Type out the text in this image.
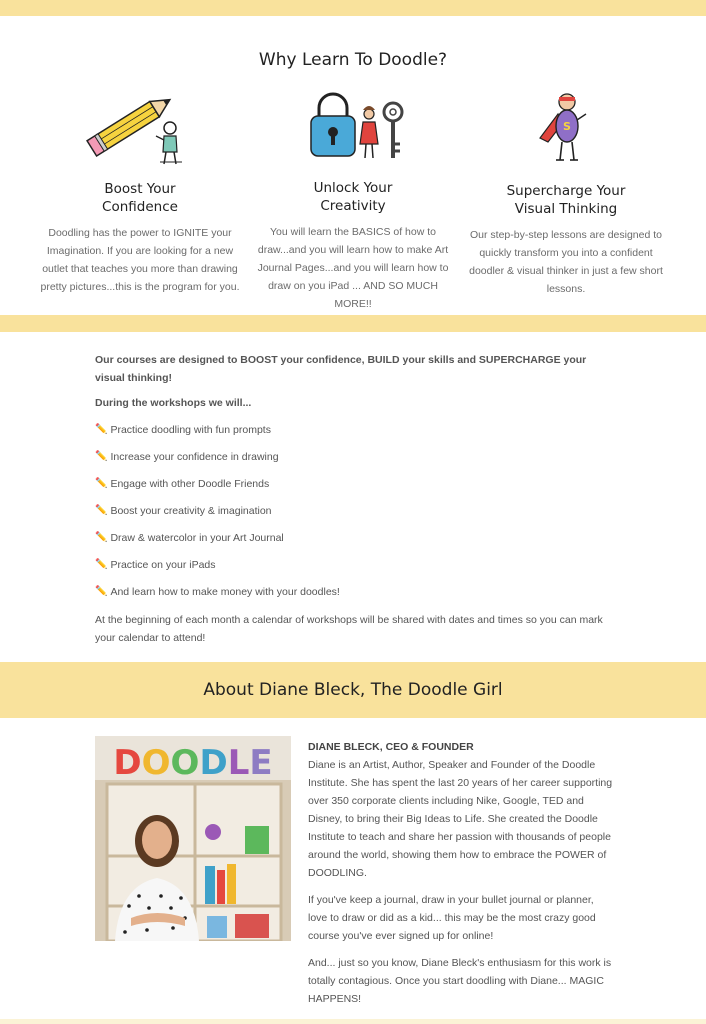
Why Learn To Doodle?
Boost Your
Confidence

Doodling has the power to IGNITE your Imagination. If you are looking for a new outlet that teaches you more than drawing pretty pictures...this is the program for you.

Unlock Your
Creativity

You will learn the BASICS of how to draw...and you will learn how to make Art Journal Pages...and you will learn how to draw on you iPad ... AND SO MUCH MORE!!

S
Supercharge Your
Visual Thinking

Our step-by-step lessons are designed to quickly transform you into a confident doodler & visual thinker in just a few short lessons.

Our courses are designed to BOOST your confidence, BUILD your skills and SUPERCHARGE your visual thinking!
During the workshops we will...
✏️ Practice doodling with fun prompts
✏️ Increase your confidence in drawing
✏️ Engage with other Doodle Friends
✏️ Boost your creativity & imagination
✏️ Draw & watercolor in your Art Journal
✏️ Practice on your iPads
✏️ And learn how to make money with your doodles!
At the beginning of each month a calendar of workshops will be shared with dates and times so you can mark your calendar to attend!
About Diane Bleck, The Doodle Girl
DOODLE	DIANE BLECK, CEO & FOUNDER

Diane is an Artist, Author, Speaker and Founder of the Doodle Institute. She has spent the last 20 years of her career supporting over 350 corporate clients including Nike, Google, TED and Disney, to bring their Big Ideas to Life. She created the Doodle Institute to teach and share her passion with thousands of people around the world, showing them how to embrace the POWER of DOODLING.

If you've keep a journal, draw in your bullet journal or planner, love to draw or did as a kid... this may be the most crazy good course you've ever signed up for online!

And... just so you know, Diane Bleck's enthusiasm for this work is totally contagious. Once you start doodling with Diane... MAGIC HAPPENS!
